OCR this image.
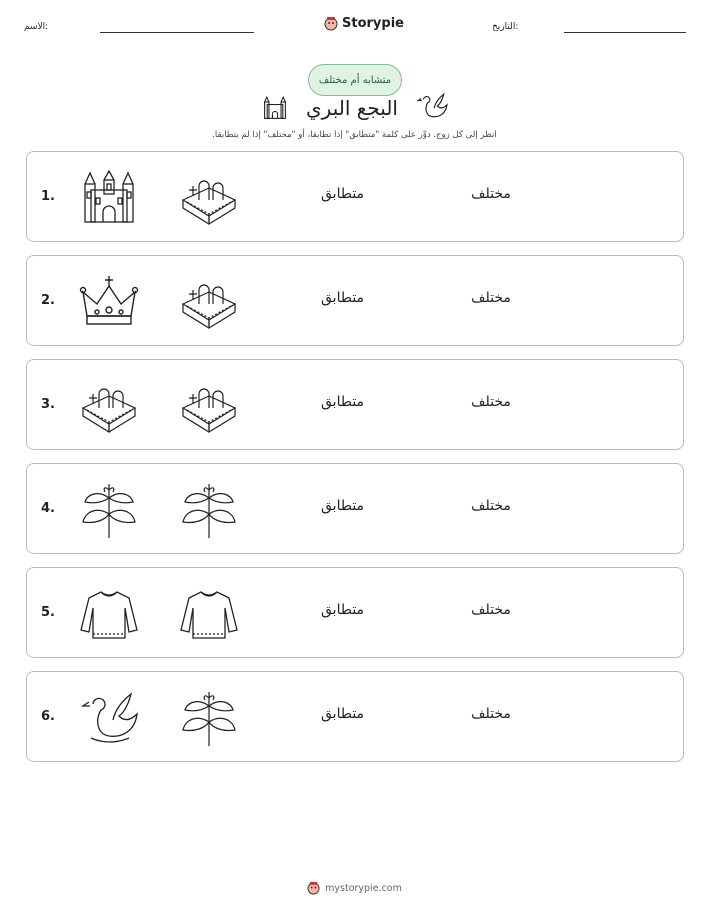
الاسم:	Storypie	التاريخ:
متشابه أم مختلف
البجع البري
انظر إلى كل زوج. دوِّر على كلمة "متطابق" إذا تطابقا، أو "مختلف" إذا لم يتطابقا.
1.	متطابق	مختلف
2.	متطابق	مختلف
3.	متطابق	مختلف
4.	متطابق	مختلف
5.	متطابق	مختلف
6.	متطابق	مختلف
mystorypie.com
